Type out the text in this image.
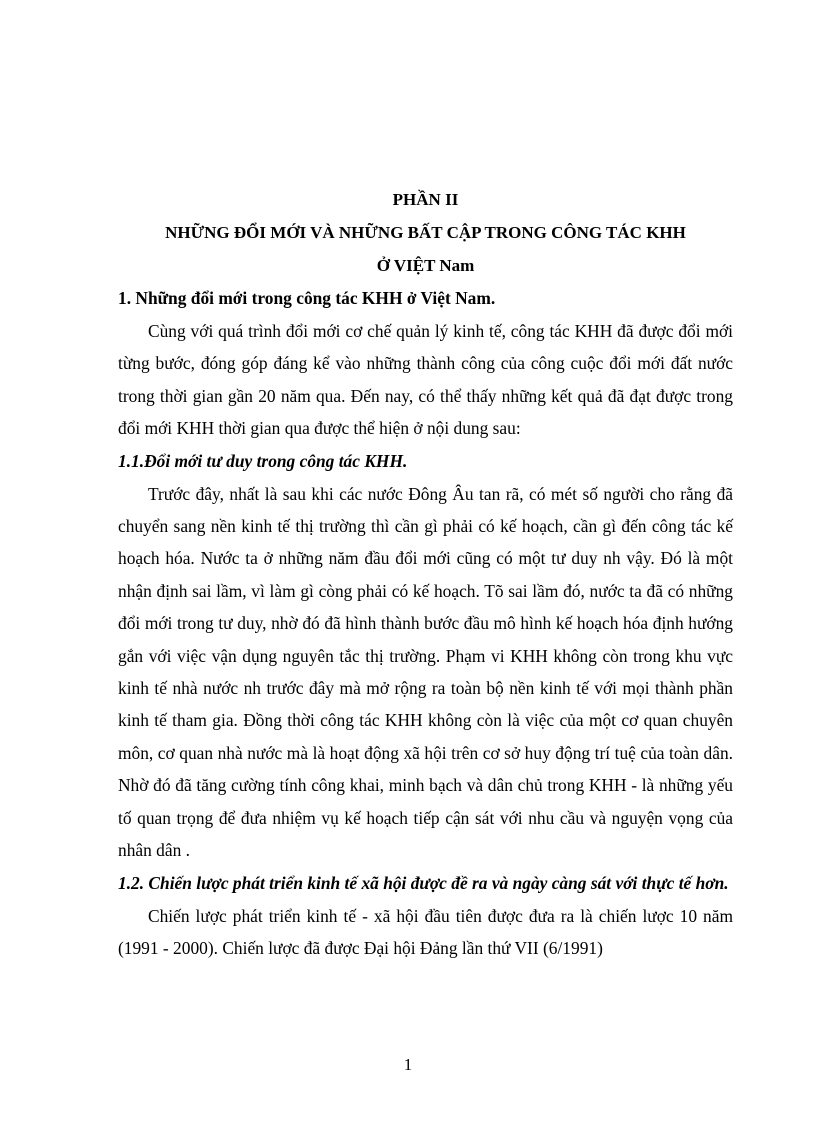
PHẦN II
NHỮNG ĐỔI MỚI VÀ NHỮNG BẤT CẬP TRONG CÔNG TÁC KHH
Ở VIỆT Nam
1. Những đổi mới trong công tác KHH ở Việt Nam.

Cùng với quá trình đổi mới cơ chế quản lý kinh tế, công tác KHH đã được đổi mới từng bước, đóng góp đáng kể vào những thành công của công cuộc đổi mới đất nước trong thời gian gần 20 năm qua. Đến nay, có thể thấy những kết quả đã đạt được trong đổi mới KHH thời gian qua được thể hiện ở nội dung sau:

1.1.Đổi mới tư duy trong công tác KHH.

Trước đây, nhất là sau khi các nước Đông Âu tan rã, có mét số người cho rằng đã chuyển sang nền kinh tế thị trường thì cần gì phải có kế hoạch, cần gì đến công tác kế hoạch hóa. Nước ta ở những năm đầu đổi mới cũng có một tư duy nh vậy. Đó là một nhận định sai lầm, vì làm gì còng phải có kế hoạch. Tõ sai lầm đó, nước ta đã có những đổi mới trong tư duy, nhờ đó đã hình thành bước đầu mô hình kế hoạch hóa định hướng gắn với việc vận dụng nguyên tắc thị trường. Phạm vi KHH không còn trong khu vực kinh tế nhà nước nh trước đây mà mở rộng ra toàn bộ nền kinh tế với mọi thành phần kinh tế tham gia. Đồng thời công tác KHH không còn là việc của một cơ quan chuyên môn, cơ quan nhà nước mà là hoạt động xã hội trên cơ sở huy động trí tuệ của toàn dân. Nhờ đó đã tăng cường tính công khai, minh bạch và dân chủ trong KHH - là những yếu tố quan trọng để đưa nhiệm vụ kế hoạch tiếp cận sát với nhu cầu và nguyện vọng của nhân dân .

1.2. Chiến lược phát triển kinh tế xã hội được đề ra và ngày càng sát với thực tế hơn.

Chiến lược phát triển kinh tế - xã hội đầu tiên được đưa ra là chiến lược 10 năm (1991 - 2000). Chiến lược đã được Đại hội Đảng lần thứ VII (6/1991)

1
